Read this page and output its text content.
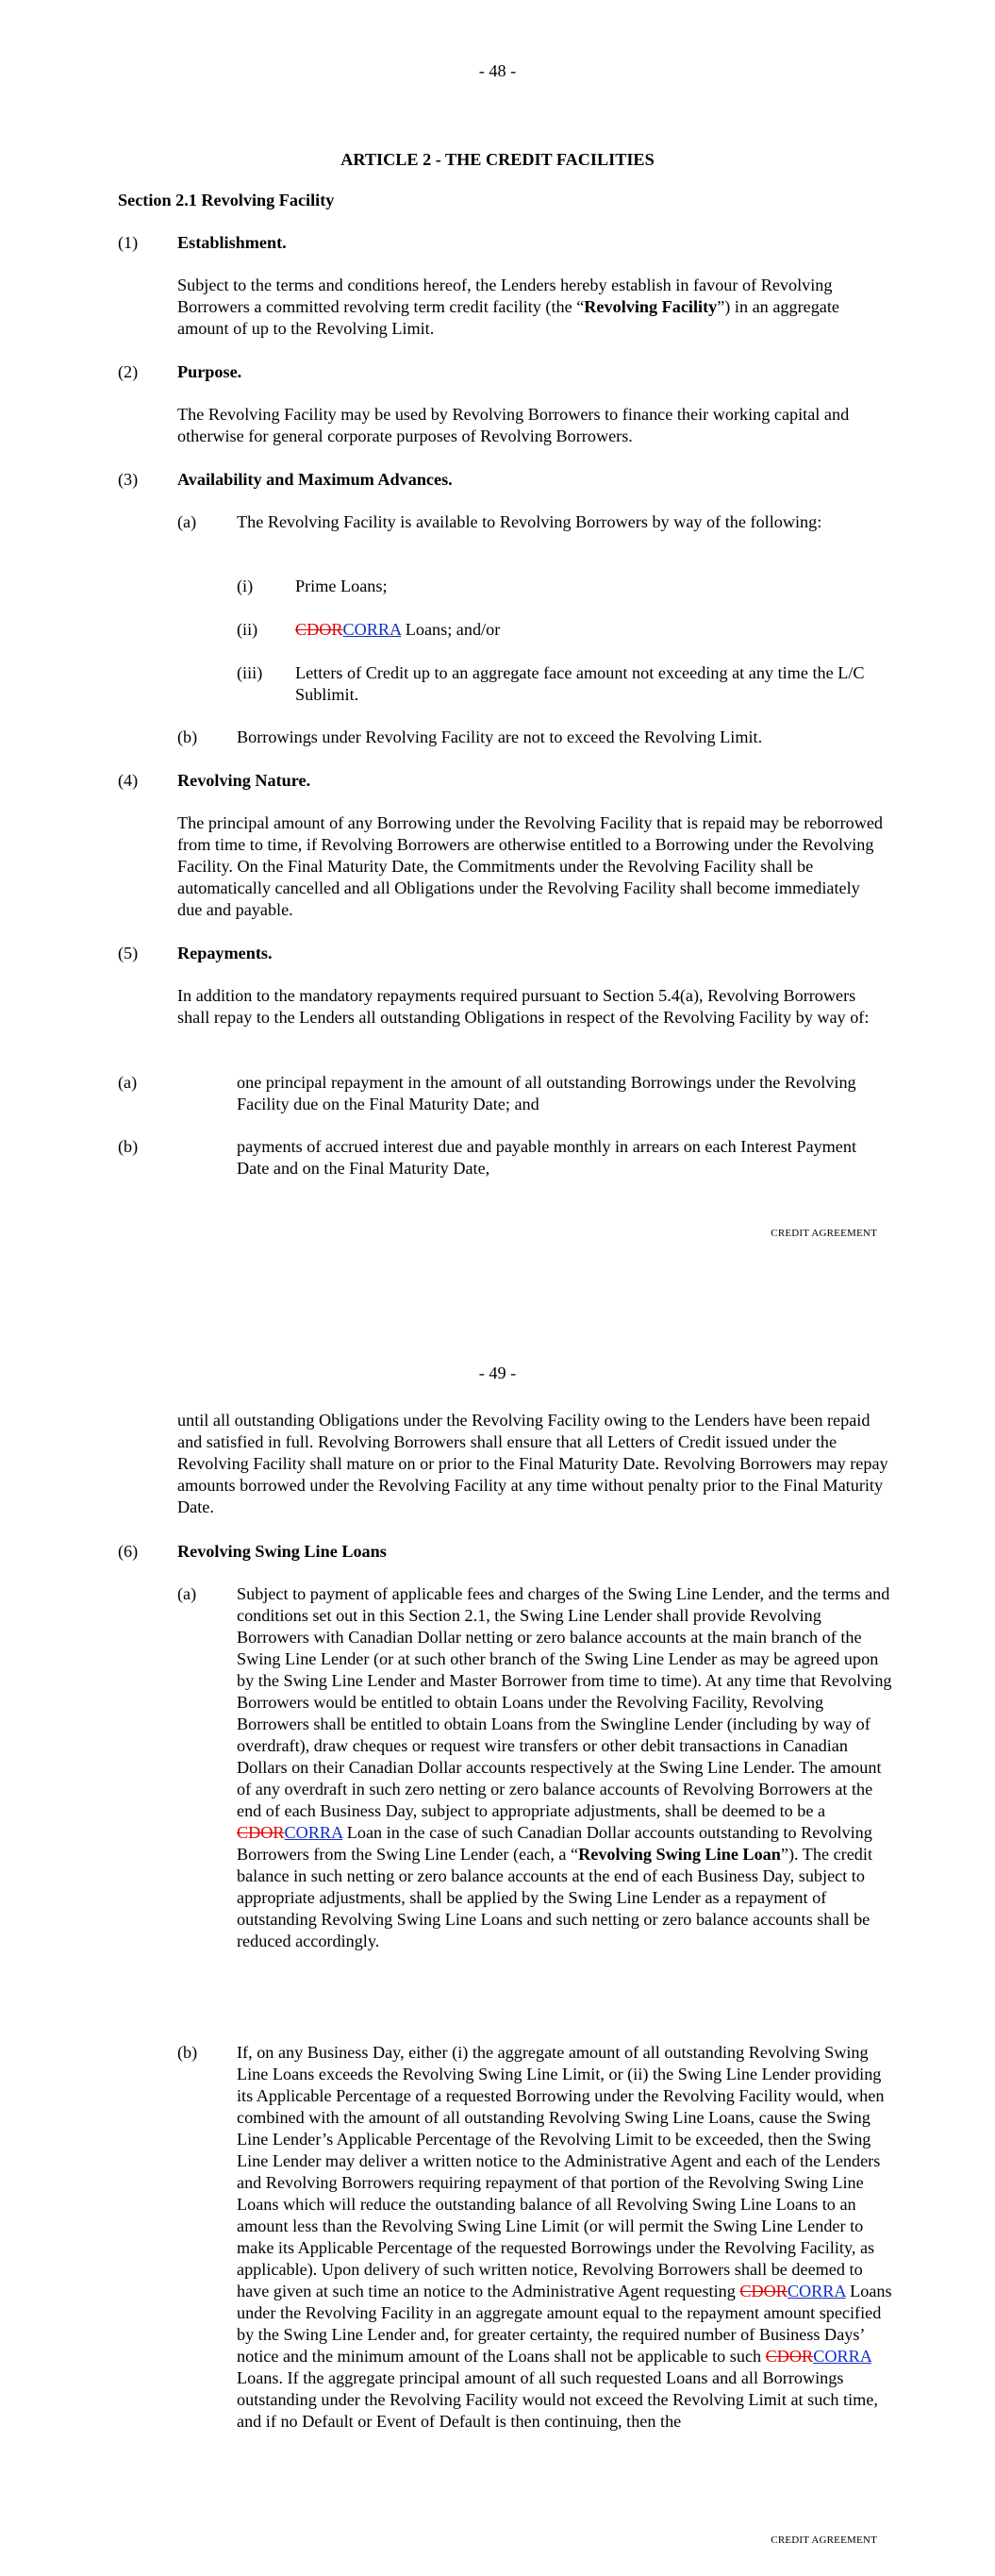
- 48 -
ARTICLE 2 - THE CREDIT FACILITIES
Section 2.1 Revolving Facility
(1) Establishment.
Subject to the terms and conditions hereof, the Lenders hereby establish in favour of Revolving Borrowers a committed revolving term credit facility (the “Revolving Facility”) in an aggregate amount of up to the Revolving Limit.
(2) Purpose.
The Revolving Facility may be used by Revolving Borrowers to finance their working capital and otherwise for general corporate purposes of Revolving Borrowers.
(3) Availability and Maximum Advances.
(a) The Revolving Facility is available to Revolving Borrowers by way of the following:
(i) Prime Loans;
(ii) CDORCORRA Loans; and/or
(iii) Letters of Credit up to an aggregate face amount not exceeding at any time the L/C Sublimit.
(b) Borrowings under Revolving Facility are not to exceed the Revolving Limit.
(4) Revolving Nature.
The principal amount of any Borrowing under the Revolving Facility that is repaid may be reborrowed from time to time, if Revolving Borrowers are otherwise entitled to a Borrowing under the Revolving Facility. On the Final Maturity Date, the Commitments under the Revolving Facility shall be automatically cancelled and all Obligations under the Revolving Facility shall become immediately due and payable.
(5) Repayments.
In addition to the mandatory repayments required pursuant to Section 5.4(a), Revolving Borrowers shall repay to the Lenders all outstanding Obligations in respect of the Revolving Facility by way of:
(a)	one principal repayment in the amount of all outstanding Borrowings under the Revolving Facility due on the Final Maturity Date; and
(b)	payments of accrued interest due and payable monthly in arrears on each Interest Payment Date and on the Final Maturity Date,
CREDIT AGREEMENT
- 49 -
until all outstanding Obligations under the Revolving Facility owing to the Lenders have been repaid and satisfied in full. Revolving Borrowers shall ensure that all Letters of Credit issued under the Revolving Facility shall mature on or prior to the Final Maturity Date. Revolving Borrowers may repay amounts borrowed under the Revolving Facility at any time without penalty prior to the Final Maturity Date.
(6) Revolving Swing Line Loans
(a) Subject to payment of applicable fees and charges of the Swing Line Lender, and the terms and conditions set out in this Section 2.1, the Swing Line Lender shall provide Revolving Borrowers with Canadian Dollar netting or zero balance accounts at the main branch of the Swing Line Lender (or at such other branch of the Swing Line Lender as may be agreed upon by the Swing Line Lender and Master Borrower from time to time). At any time that Revolving Borrowers would be entitled to obtain Loans under the Revolving Facility, Revolving Borrowers shall be entitled to obtain Loans from the Swingline Lender (including by way of overdraft), draw cheques or request wire transfers or other debit transactions in Canadian Dollars on their Canadian Dollar accounts respectively at the Swing Line Lender. The amount of any overdraft in such zero netting or zero balance accounts of Revolving Borrowers at the end of each Business Day, subject to appropriate adjustments, shall be deemed to be a CDORCORRA Loan in the case of such Canadian Dollar accounts outstanding to Revolving Borrowers from the Swing Line Lender (each, a “Revolving Swing Line Loan”). The credit balance in such netting or zero balance accounts at the end of each Business Day, subject to appropriate adjustments, shall be applied by the Swing Line Lender as a repayment of outstanding Revolving Swing Line Loans and such netting or zero balance accounts shall be reduced accordingly.
(b) If, on any Business Day, either (i) the aggregate amount of all outstanding Revolving Swing Line Loans exceeds the Revolving Swing Line Limit, or (ii) the Swing Line Lender providing its Applicable Percentage of a requested Borrowing under the Revolving Facility would, when combined with the amount of all outstanding Revolving Swing Line Loans, cause the Swing Line Lender’s Applicable Percentage of the Revolving Limit to be exceeded, then the Swing Line Lender may deliver a written notice to the Administrative Agent and each of the Lenders and Revolving Borrowers requiring repayment of that portion of the Revolving Swing Line Loans which will reduce the outstanding balance of all Revolving Swing Line Loans to an amount less than the Revolving Swing Line Limit (or will permit the Swing Line Lender to make its Applicable Percentage of the requested Borrowings under the Revolving Facility, as applicable). Upon delivery of such written notice, Revolving Borrowers shall be deemed to have given at such time an notice to the Administrative Agent requesting CDORCORRA Loans under the Revolving Facility in an aggregate amount equal to the repayment amount specified by the Swing Line Lender and, for greater certainty, the required number of Business Days’ notice and the minimum amount of the Loans shall not be applicable to such CDORCORRA Loans. If the aggregate principal amount of all such requested Loans and all Borrowings outstanding under the Revolving Facility would not exceed the Revolving Limit at such time, and if no Default or Event of Default is then continuing, then the
CREDIT AGREEMENT
